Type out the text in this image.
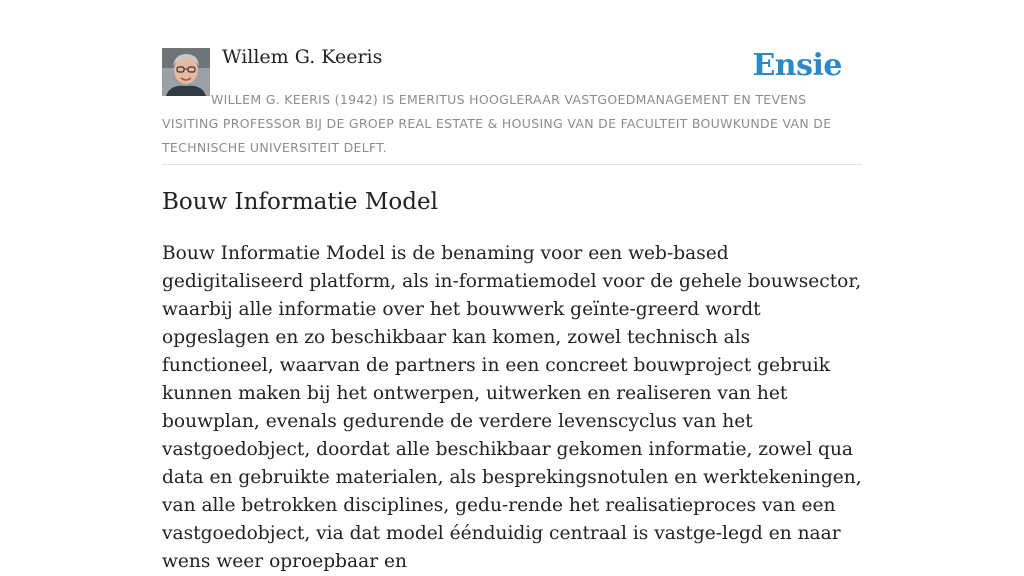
Willem G. Keeris	Ensie
WILLEM G. KEERIS (1942) IS EMERITUS HOOGLERAAR VASTGOEDMANAGEMENT EN TEVENS VISITING PROFESSOR BIJ DE GROEP REAL ESTATE & HOUSING VAN DE FACULTEIT BOUWKUNDE VAN DE TECHNISCHE UNIVERSITEIT DELFT.
Bouw Informatie Model

Bouw Informatie Model is de benaming voor een web-based gedigitaliseerd platform, als in-formatiemodel voor de gehele bouwsector, waarbij alle informatie over het bouwwerk geïnte-greerd wordt opgeslagen en zo beschikbaar kan komen, zowel technisch als functioneel, waarvan de partners in een concreet bouwproject gebruik kunnen maken bij het ontwerpen, uitwerken en realiseren van het bouwplan, evenals gedurende de verdere levenscyclus van het vastgoedobject, doordat alle beschikbaar gekomen informatie, zowel qua data en gebruikte materialen, als besprekingsnotulen en werktekeningen, van alle betrokken disciplines, gedu-rende het realisatieproces van een vastgoedobject, via dat model éénduidig centraal is vastge-legd en naar wens weer oproepbaar en
